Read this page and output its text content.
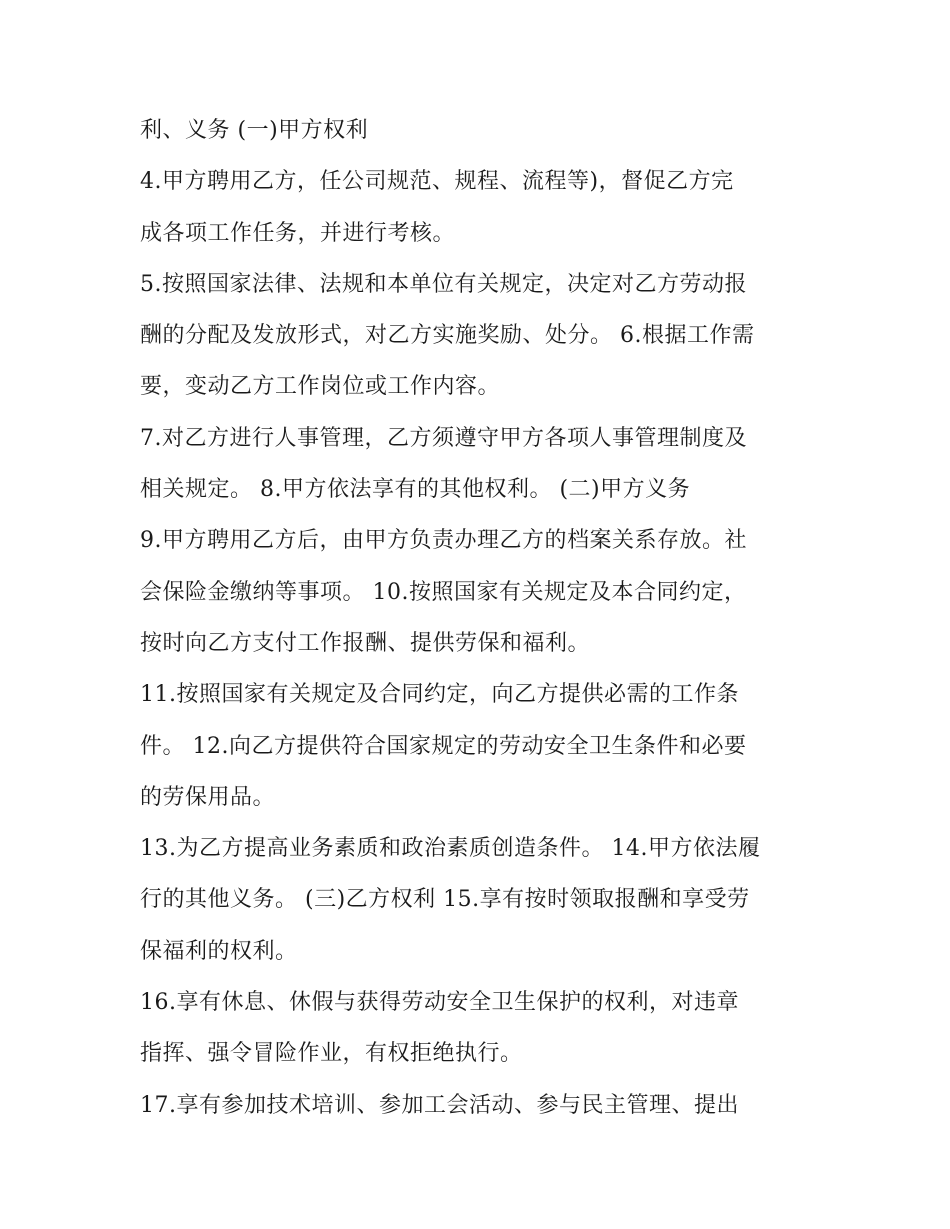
利、义务 (一)甲方权利
4.甲方聘用乙方，任公司规范、规程、流程等)，督促乙方完
成各项工作任务，并进行考核。
5.按照国家法律、法规和本单位有关规定，决定对乙方劳动报
酬的分配及发放形式，对乙方实施奖励、处分。 6.根据工作需
要，变动乙方工作岗位或工作内容。
7.对乙方进行人事管理，乙方须遵守甲方各项人事管理制度及
相关规定。 8.甲方依法享有的其他权利。 (二)甲方义务
9.甲方聘用乙方后，由甲方负责办理乙方的档案关系存放。社
会保险金缴纳等事项。 10.按照国家有关规定及本合同约定，
按时向乙方支付工作报酬、提供劳保和福利。
11.按照国家有关规定及合同约定，向乙方提供必需的工作条
件。 12.向乙方提供符合国家规定的劳动安全卫生条件和必要
的劳保用品。
13.为乙方提高业务素质和政治素质创造条件。 14.甲方依法履
行的其他义务。 (三)乙方权利 15.享有按时领取报酬和享受劳
保福利的权利。
16.享有休息、休假与获得劳动安全卫生保护的权利，对违章
指挥、强令冒险作业，有权拒绝执行。
17.享有参加技术培训、参加工会活动、参与民主管理、提出
